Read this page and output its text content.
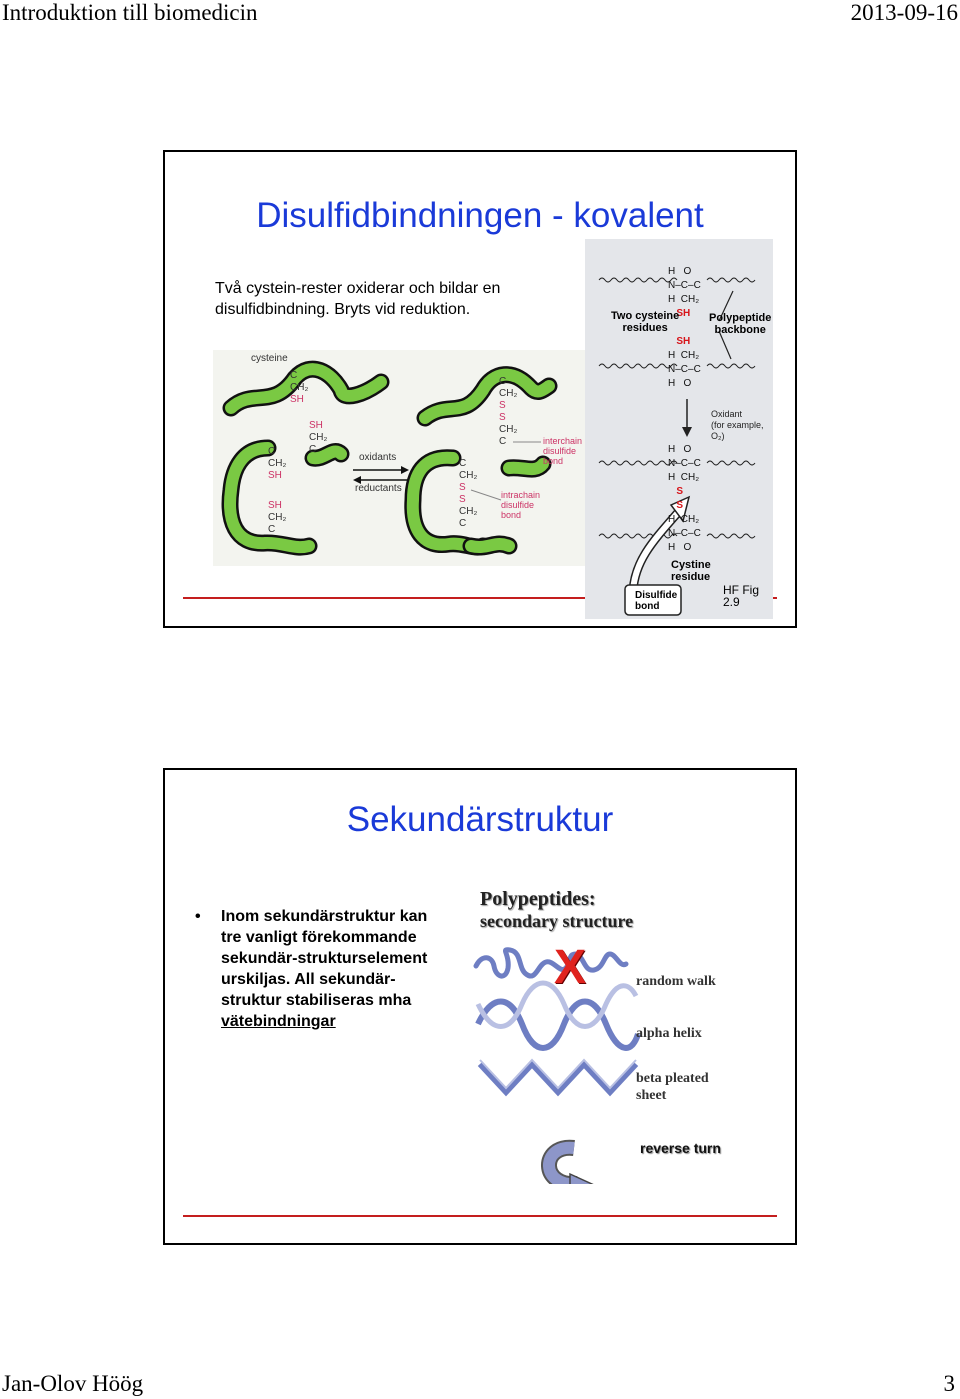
Introduktion till biomedicin	2013-09-16
Jan-Olov Höög	3
Disulfidbindningen - kovalent
Två cystein-rester oxiderar och bildar en
disulfidbindning. Bryts vid reduktion.
cysteine
C
CH₂
SH
SH
CH₂
C
C
CH₂
SH
SH
CH₂
C
oxidants
reductants
C
CH₂
S
S
CH₂
C
C
CH₂
S
S
CH₂
C
interchain
disulfide
bond
intrachain
disulfide
bond
H   O
N–C–C
H  CH₂
SH

SH
H  CH₂
N–C–C
H   O
H   O
N–C–C
H  CH₂
S
S
H  CH₂
N–C–C
H   O
Two cysteine
residues
Polypeptide
backbone
Oxidant
(for example, O₂)
Cystine
residue
Disulfide
bond
HF Fig 2.9
Sekundärstruktur
• Inom sekundärstruktur kan
tre vanligt förekommande
sekundär-strukturselement
urskiljas. All sekundär-
struktur stabiliseras mha
vätebindningar
Polypeptides:
secondary structure
X	random walk
alpha helix
beta pleated
sheet
reverse turn
